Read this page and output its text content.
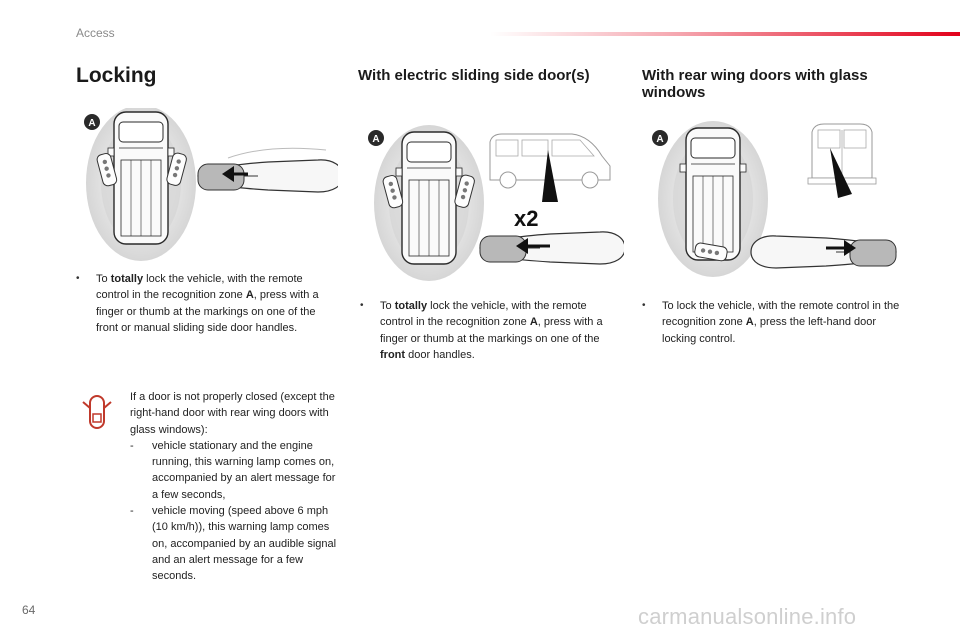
Access
Locking
A
•	To totally lock the vehicle, with the remote control in the recognition zone A, press with a finger or thumb at the markings on one of the front or manual sliding side door handles.
If a door is not properly closed (except the right-hand door with rear wing doors with glass windows):
- vehicle stationary and the engine running, this warning lamp comes on, accompanied by an alert message for a few seconds,
- vehicle moving (speed above 6 mph (10 km/h)), this warning lamp comes on, accompanied by an audible signal and an alert message for a few seconds.
With electric sliding side door(s)
A
x2
•	To totally lock the vehicle, with the remote control in the recognition zone A, press with a finger or thumb at the markings on one of the front door handles.
With rear wing doors with glass windows
A
•	To lock the vehicle, with the remote control in the recognition zone A, press the left-hand door locking control.
64	carmanualsonline.info
